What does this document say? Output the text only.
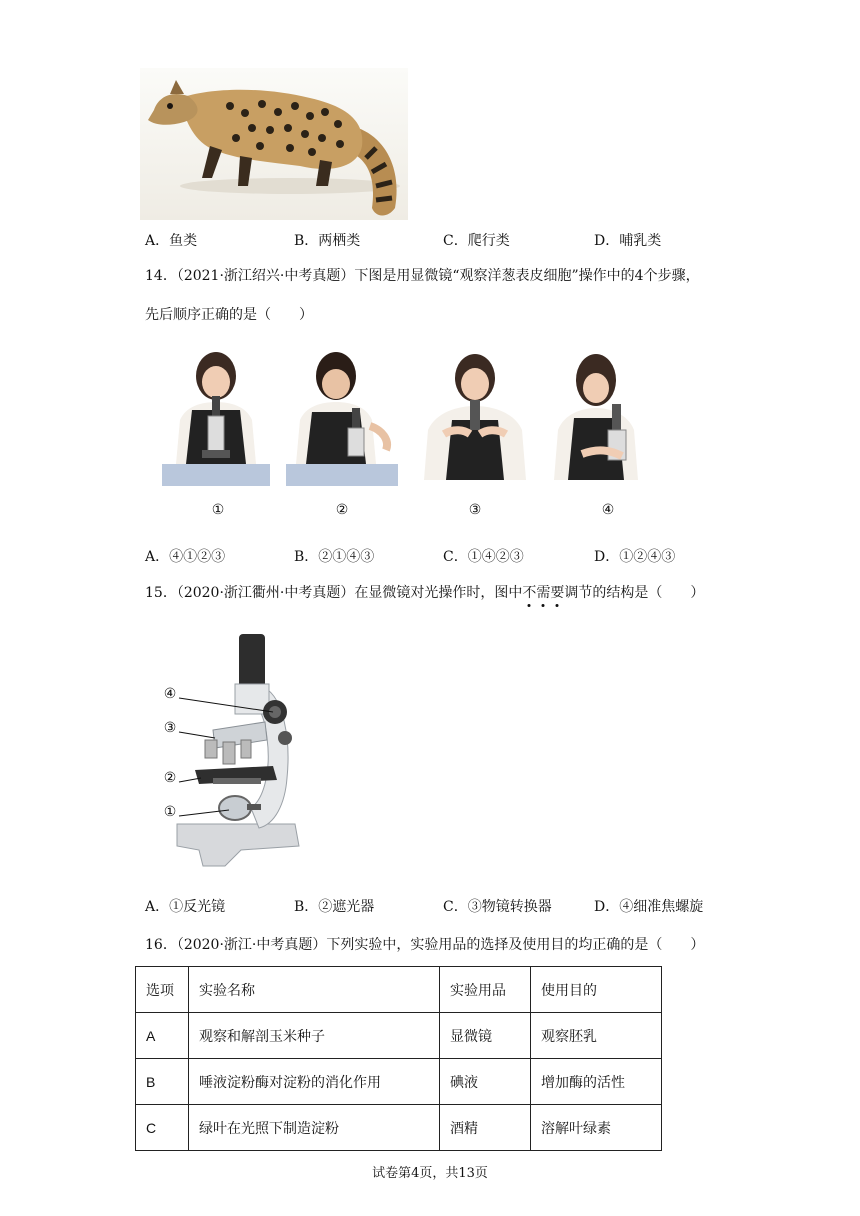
A．鱼类	B．两栖类	C．爬行类	D．哺乳类
14．（2021·浙江绍兴·中考真题）下图是用显微镜“观察洋葱表皮细胞”操作中的4个步骤，
先后顺序正确的是（　　）
①	②	③	④
A．④①②③	B．②①④③	C．①④②③	D．①②④③
15．（2020·浙江衢州·中考真题）在显微镜对光操作时，图中不需要调节的结构是（　　）
④
③
②
①
A．①反光镜	B．②遮光器	C．③物镜转换器	D．④细准焦螺旋
16．（2020·浙江·中考真题）下列实验中，实验用品的选择及使用目的均正确的是（　　）
选项	实验名称	实验用品	使用目的
A	观察和解剖玉米种子	显微镜	观察胚乳
B	唾液淀粉酶对淀粉的消化作用	碘液	增加酶的活性
C	绿叶在光照下制造淀粉	酒精	溶解叶绿素
试卷第4页，共13页
